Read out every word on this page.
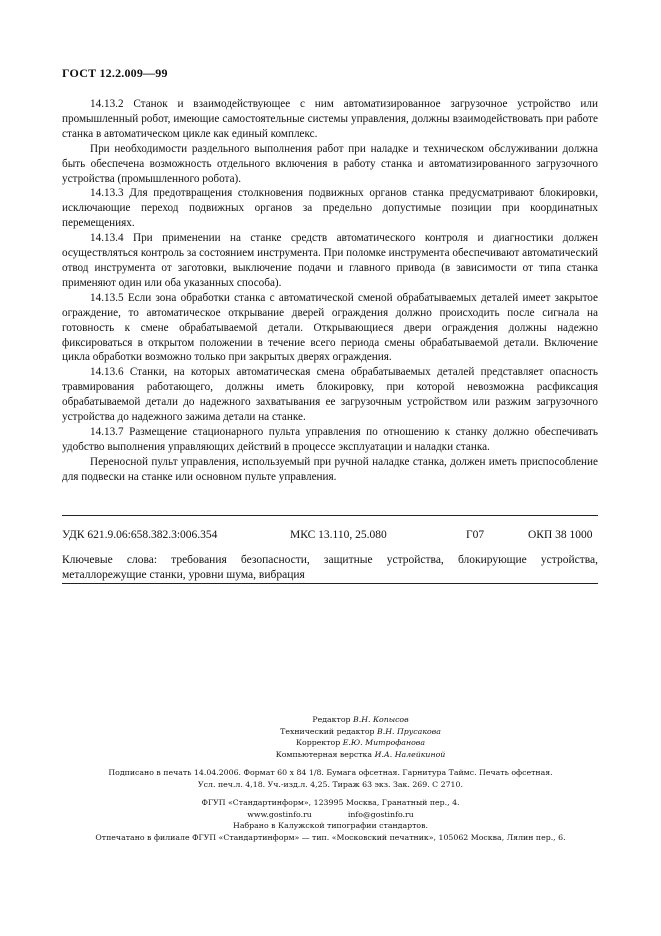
ГОСТ 12.2.009—99

14.13.2 Станок и взаимодействующее с ним автоматизированное загрузочное устройство или промышленный робот, имеющие самостоятельные системы управления, должны взаимодействовать при работе станка в автоматическом цикле как единый комплекс.

При необходимости раздельного выполнения работ при наладке и техническом обслуживании должна быть обеспечена возможность отдельного включения в работу станка и автоматизированного загрузочного устройства (промышленного робота).

14.13.3 Для предотвращения столкновения подвижных органов станка предусматривают блокировки, исключающие переход подвижных органов за предельно допустимые позиции при координатных перемещениях.

14.13.4 При применении на станке средств автоматического контроля и диагностики должен осуществляться контроль за состоянием инструмента. При поломке инструмента обеспечивают автоматический отвод инструмента от заготовки, выключение подачи и главного привода (в зависимости от типа станка применяют один или оба указанных способа).

14.13.5 Если зона обработки станка с автоматической сменой обрабатываемых деталей имеет закрытое ограждение, то автоматическое открывание дверей ограждения должно происходить после сигнала на готовность к смене обрабатываемой детали. Открывающиеся двери ограждения должны надежно фиксироваться в открытом положении в течение всего периода смены обрабатываемой детали. Включение цикла обработки возможно только при закрытых дверях ограждения.

14.13.6 Станки, на которых автоматическая смена обрабатываемых деталей представляет опасность травмирования работающего, должны иметь блокировку, при которой невозможна расфиксация обрабатываемой детали до надежного захватывания ее загрузочным устройством или разжим загрузочного устройства до надежного зажима детали на станке.

14.13.7 Размещение стационарного пульта управления по отношению к станку должно обеспечивать удобство выполнения управляющих действий в процессе эксплуатации и наладки станка.

Переносной пульт управления, используемый при ручной наладке станка, должен иметь приспособление для подвески на станке или основном пульте управления.

УДК 621.9.06:658.382.3:006.354	МКС 13.110, 25.080	Г07	ОКП 38 1000
Ключевые слова: требования безопасности, защитные устройства, блокирующие устройства, металлорежущие станки, уровни шума, вибрация
Редактор В.Н. Копысов
Технический редактор В.Н. Прусакова
Корректор Е.Ю. Митрофанова
Компьютерная верстка И.А. Налейкиной
Подписано в печать 14.04.2006. Формат 60 x 84 1/8. Бумага офсетная. Гарнитура Таймс. Печать офсетная.
Усл. печ.л. 4,18. Уч.-изд.л. 4,25. Тираж 63 экз. Зак. 269. С 2710.
ФГУП «Стандартинформ», 123995 Москва, Гранатный пер., 4.
www.gostinfo.ru	info@gostinfo.ru
Набрано в Калужской типографии стандартов.
Отпечатано в филиале ФГУП «Стандартинформ» — тип. «Московский печатник», 105062 Москва, Лялин пер., 6.
